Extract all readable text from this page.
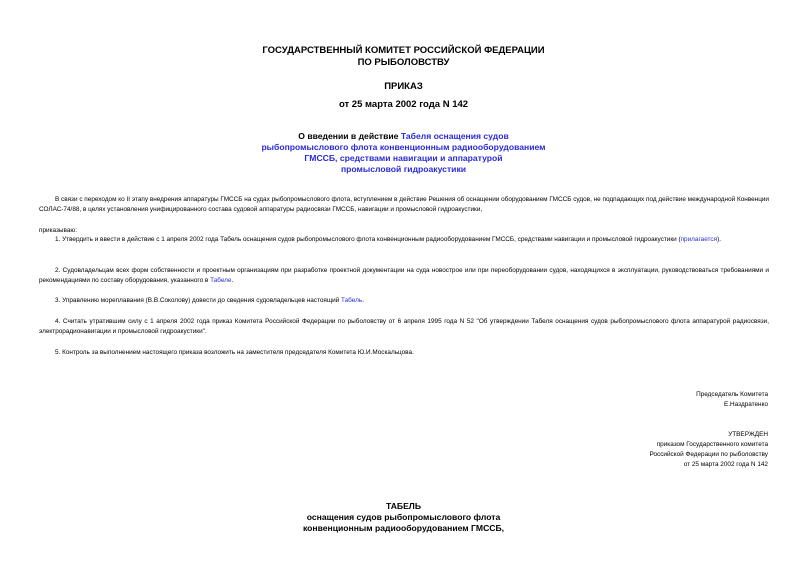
ГОСУДАРСТВЕННЫЙ КОМИТЕТ РОССИЙСКОЙ ФЕДЕРАЦИИ
ПО РЫБОЛОВСТВУ
ПРИКАЗ
от 25 марта 2002 года N 142
О введении в действие Табеля оснащения судов
рыбопромыслового флота конвенционным радиооборудованием
ГМССБ, средствами навигации и аппаратурой
промысловой гидроакустики
В связи с переходом ко II этапу внедрения аппаратуры ГМССБ на судах рыбопромыслового флота, вступлением в действие Решения об оснащении оборудованием ГМССБ судов, не подпадающих под действие международной Конвенции СОЛАС-74/88, в целях установления унифицированного состава судовой аппаратуры радиосвязи ГМССБ, навигации и промысловой гидроакустики,
приказываю:
1. Утвердить и ввести в действие с 1 апреля 2002 года Табель оснащения судов рыбопромыслового флота конвенционным радиооборудованием ГМССБ, средствами навигации и промысловой гидроакустики (прилагается).
2. Судовладельцам всех форм собственности и проектным организациям при разработке проектной документации на суда новострое или при переоборудовании судов, находящихся в эксплуатации, руководствоваться требованиями и рекомендациями по составу оборудования, указанного в Табеле.
3. Управлению мореплавания (В.В.Соколову) довести до сведения судовладельцев настоящий Табель.
4. Считать утратившим силу с 1 апреля 2002 года приказ Комитета Российской Федерации по рыболовству от 6 апреля 1995 года N 52 "Об утверждении Табеля оснащения судов рыбопромыслового флота аппаратурой радиосвязи, электрорадионавигации и промысловой гидроакустики".
5. Контроль за выполнением настоящего приказа возложить на заместителя председателя Комитета Ю.И.Москальцова.
Председатель Комитета
Е.Наздратенко
УТВЕРЖДЕН
приказом Государственного комитета
Российской Федерации по рыболовству
от 25 марта 2002 года N 142
ТАБЕЛЬ
оснащения судов рыбопромыслового флота
конвенционным радиооборудованием ГМССБ,
